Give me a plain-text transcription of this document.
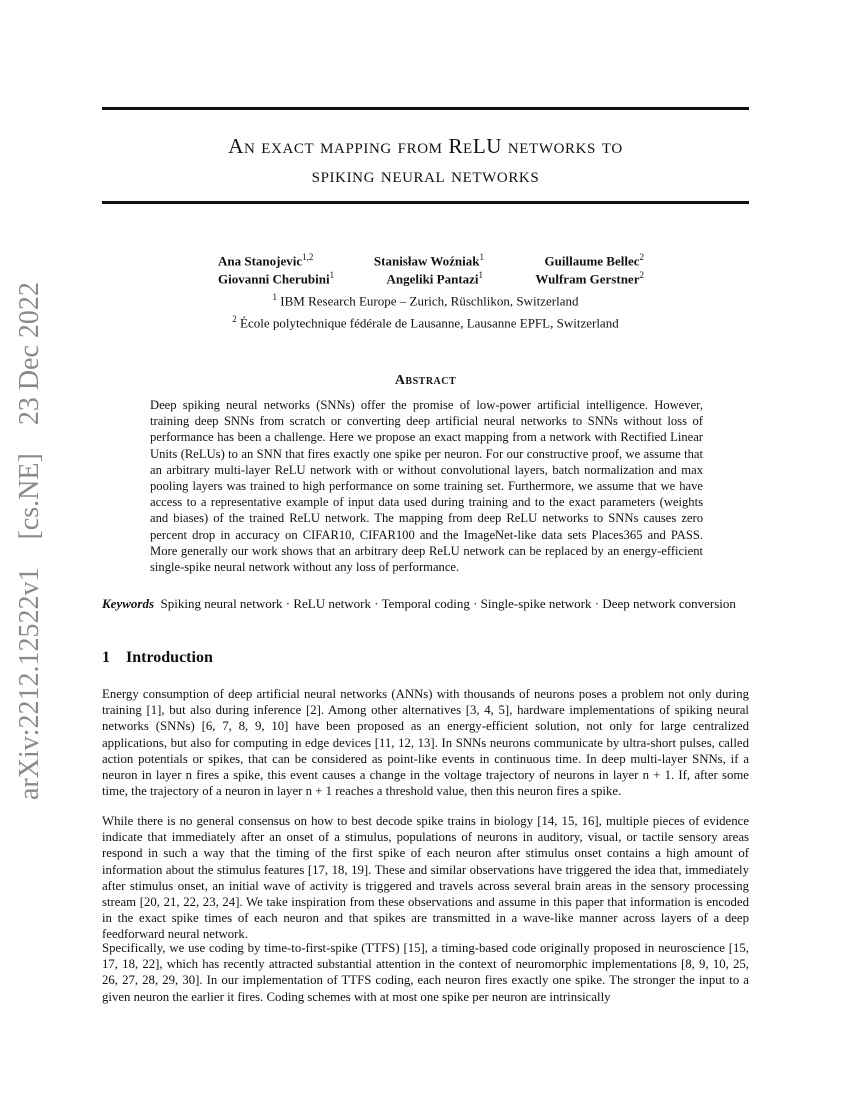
arXiv:2212.12522v1    [cs.NE]    23 Dec 2022
An exact mapping from ReLU networks to
spiking neural networks
Ana Stanojevic$^{1,2}$	Stanisław Woźniak$^1$	Guillaume Bellec$^2$
Giovanni Cherubini$^1$	Angeliki Pantazi$^1$	Wulfram Gerstner$^2$
$^1$ IBM Research Europe – Zurich, Rüschlikon, Switzerland
$^2$ École polytechnique fédérale de Lausanne, Lausanne EPFL, Switzerland
Abstract

Deep spiking neural networks (SNNs) offer the promise of low-power artificial intelligence. However, training deep SNNs from scratch or converting deep artificial neural networks to SNNs without loss of performance has been a challenge. Here we propose an exact mapping from a network with Rectified Linear Units (ReLUs) to an SNN that fires exactly one spike per neuron. For our constructive proof, we assume that an arbitrary multi-layer ReLU network with or without convolutional layers, batch normalization and max pooling layers was trained to high performance on some training set. Furthermore, we assume that we have access to a representative example of input data used during training and to the exact parameters (weights and biases) of the trained ReLU network. The mapping from deep ReLU networks to SNNs causes zero percent drop in accuracy on CIFAR10, CIFAR100 and the ImageNet-like data sets Places365 and PASS. More generally our work shows that an arbitrary deep ReLU network can be replaced by an energy-efficient single-spike neural network without any loss of performance.

Keywords Spiking neural network · ReLU network · Temporal coding · Single-spike network · Deep network conversion

1 Introduction

Energy consumption of deep artificial neural networks (ANNs) with thousands of neurons poses a problem not only during training [1], but also during inference [2]. Among other alternatives [3, 4, 5], hardware implementations of spiking neural networks (SNNs) [6, 7, 8, 9, 10] have been proposed as an energy-efficient solution, not only for large centralized applications, but also for computing in edge devices [11, 12, 13]. In SNNs neurons communicate by ultra-short pulses, called action potentials or spikes, that can be considered as point-like events in continuous time. In deep multi-layer SNNs, if a neuron in layer n fires a spike, this event causes a change in the voltage trajectory of neurons in layer n + 1. If, after some time, the trajectory of a neuron in layer n + 1 reaches a threshold value, then this neuron fires a spike.

While there is no general consensus on how to best decode spike trains in biology [14, 15, 16], multiple pieces of evidence indicate that immediately after an onset of a stimulus, populations of neurons in auditory, visual, or tactile sensory areas respond in such a way that the timing of the first spike of each neuron after stimulus onset contains a high amount of information about the stimulus features [17, 18, 19]. These and similar observations have triggered the idea that, immediately after stimulus onset, an initial wave of activity is triggered and travels across several brain areas in the sensory processing stream [20, 21, 22, 23, 24]. We take inspiration from these observations and assume in this paper that information is encoded in the exact spike times of each neuron and that spikes are transmitted in a wave-like manner across layers of a deep feedforward neural network.

Specifically, we use coding by time-to-first-spike (TTFS) [15], a timing-based code originally proposed in neuroscience [15, 17, 18, 22], which has recently attracted substantial attention in the context of neuromorphic implementations [8, 9, 10, 25, 26, 27, 28, 29, 30]. In our implementation of TTFS coding, each neuron fires exactly one spike. The stronger the input to a given neuron the earlier it fires. Coding schemes with at most one spike per neuron are intrinsically
